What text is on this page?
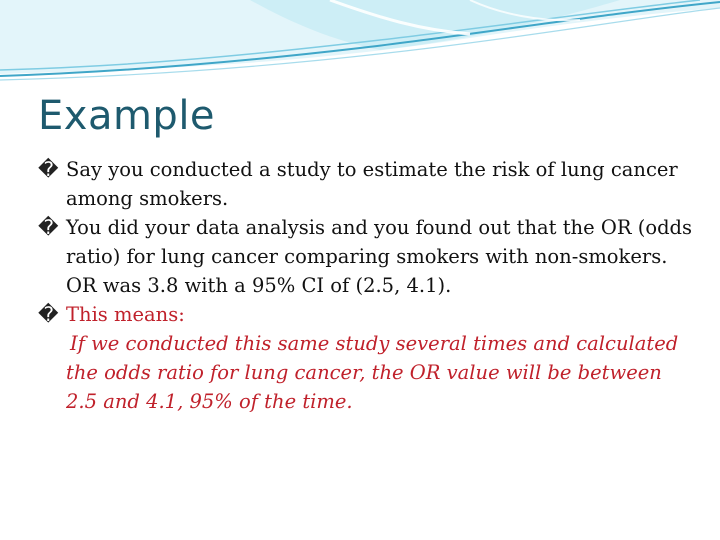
Example

� Say you conducted a study to estimate the risk of lung cancer among smokers.

� You did your data analysis and you found out that the OR (odds ratio) for lung cancer comparing smokers with non-smokers. OR was 3.8 with a 95% CI of (2.5, 4.1).

� This means:

If we conducted this same study several times and calculated the odds ratio for lung cancer, the OR value will be between 2.5 and 4.1, 95% of the time.
